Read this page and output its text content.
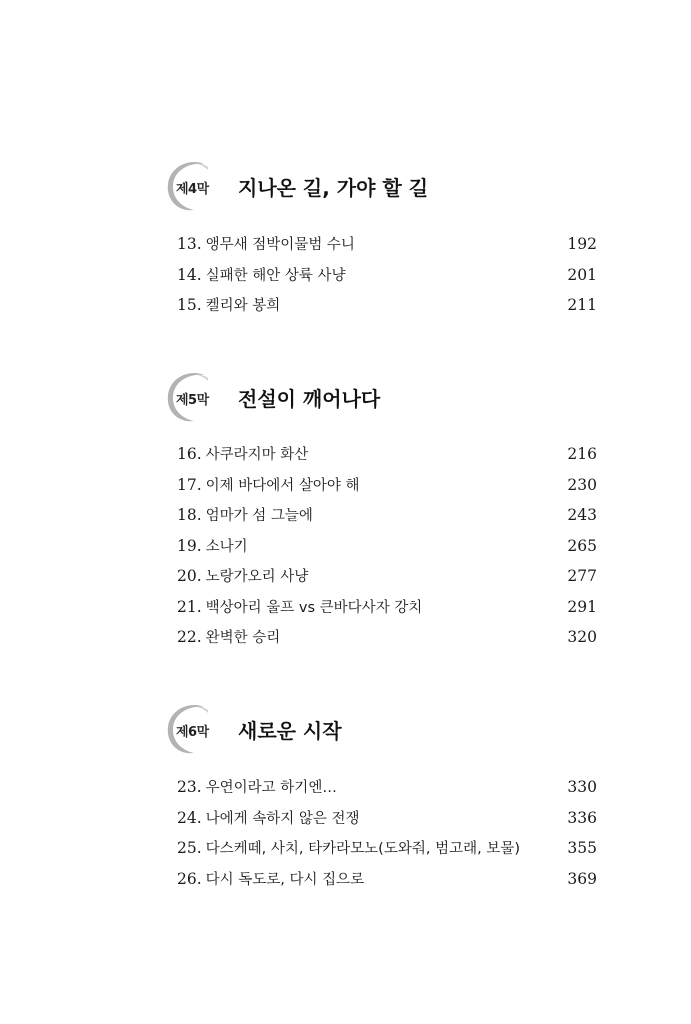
제4막 지나온 길, 가야 할 길
13. 앵무새 점박이물범 수니	192
14. 실패한 해안 상륙 사냥	201
15. 켈리와 봉희	211
제5막 전설이 깨어나다
16. 사쿠라지마 화산	216
17. 이제 바다에서 살아야 해	230
18. 엄마가 섬 그늘에	243
19. 소나기	265
20. 노랑가오리 사냥	277
21. 백상아리 울프 vs 큰바다사자 강치	291
22. 완벽한 승리	320
제6막 새로운 시작
23. 우연이라고 하기엔…	330
24. 나에게 속하지 않은 전쟁	336
25. 다스케떼, 사치, 타카라모노(도와줘, 범고래, 보물)	355
26. 다시 독도로, 다시 집으로	369
